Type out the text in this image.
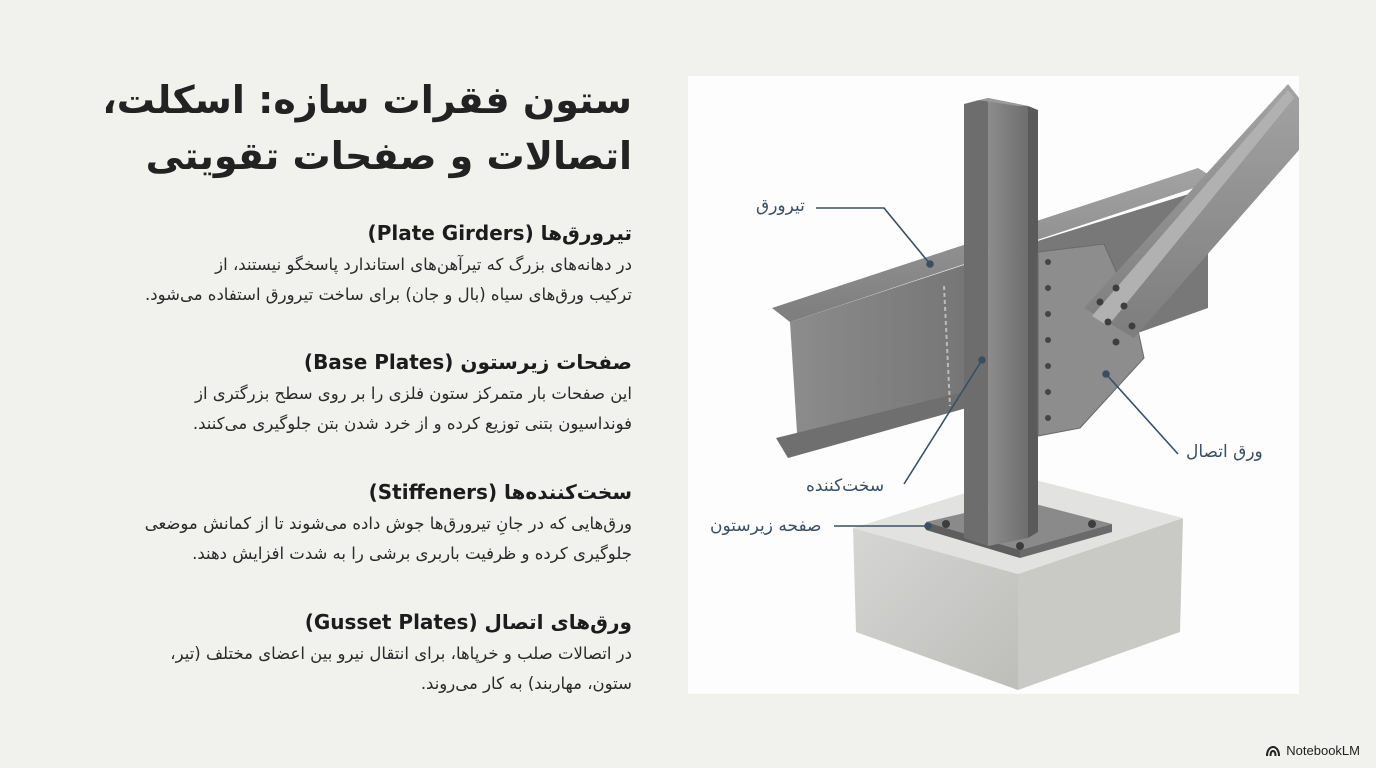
ستون فقرات سازه: اسکلت،
اتصالات و صفحات تقویتی
تیرورق‌ها (Plate Girders)

در دهانه‌های بزرگ که تیرآهن‌های استاندارد پاسخگو نیستند، از
ترکیب ورق‌های سیاه (بال و جان) برای ساخت تیرورق استفاده می‌شود.

صفحات زیرستون (Base Plates)

این صفحات بار متمرکز ستون فلزی را بر روی سطح بزرگتری از
فونداسیون بتنی توزیع کرده و از خرد شدن بتن جلوگیری می‌کنند.

سخت‌کننده‌ها (Stiffeners)

ورق‌هایی که در جانِ تیرورق‌ها جوش داده می‌شوند تا از کمانش موضعی
جلوگیری کرده و ظرفیت باربری برشی را به شدت افزایش دهند.

ورق‌های اتصال (Gusset Plates)

در اتصالات صلب و خرپاها، برای انتقال نیرو بین اعضای مختلف (تیر،
ستون، مهاربند) به کار می‌روند.

تیرورق
ورق اتصال
سخت‌کننده
صفحه زیرستون
NotebookLM
